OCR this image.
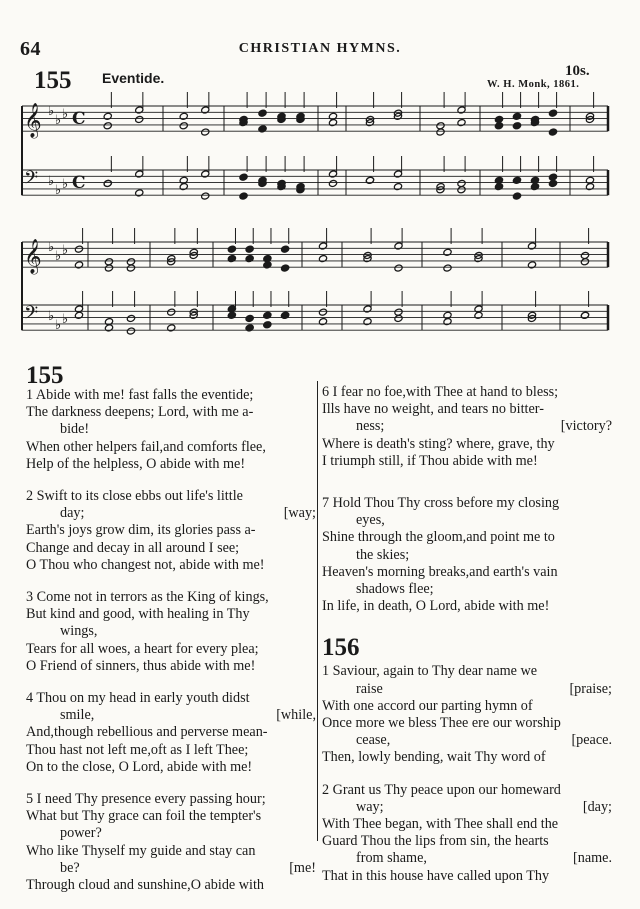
64	CHRISTIAN HYMNS.
155 Eventide.	10s.
W. H. Monk, 1861.
𝄞 ♭
♭ ♭ C
𝄢 ♭
♭ ♭ C
𝄞 ♭
♭ ♭
𝄢 ♭
♭ ♭
155
1 Abide with me! fast falls the eventide;
The darkness deepens; Lord, with me a-
bide!
When other helpers fail,and comforts flee,
Help of the helpless, O abide with me!
2 Swift to its close ebbs out life's little
day;	[way;
Earth's joys grow dim, its glories pass a-
Change and decay in all around I see;
O Thou who changest not, abide with me!
3 Come not in terrors as the King of kings,
But kind and good, with healing in Thy
wings,
Tears for all woes, a heart for every plea;
O Friend of sinners, thus abide with me!
4 Thou on my head in early youth didst
smile,	[while,
And,though rebellious and perverse mean-
Thou hast not left me,oft as I left Thee;
On to the close, O Lord, abide with me!
5 I need Thy presence every passing hour;
What but Thy grace can foil the tempter's
power?
Who like Thyself my guide and stay can
be?	[me!
Through cloud and sunshine,O abide with
6 I fear no foe,with Thee at hand to bless;
Ills have no weight, and tears no bitter-
ness;	[victory?
Where is death's sting? where, grave, thy
I triumph still, if Thou abide with me!
7 Hold Thou Thy cross before my closing
eyes,
Shine through the gloom,and point me to
the skies;
Heaven's morning breaks,and earth's vain
shadows flee;
In life, in death, O Lord, abide with me!
156
1 Saviour, again to Thy dear name we
raise	[praise;
With one accord our parting hymn of
Once more we bless Thee ere our worship
cease,	[peace.
Then, lowly bending, wait Thy word of
2 Grant us Thy peace upon our homeward
way;	[day;
With Thee began, with Thee shall end the
Guard Thou the lips from sin, the hearts
from shame,	[name.
That in this house have called upon Thy
